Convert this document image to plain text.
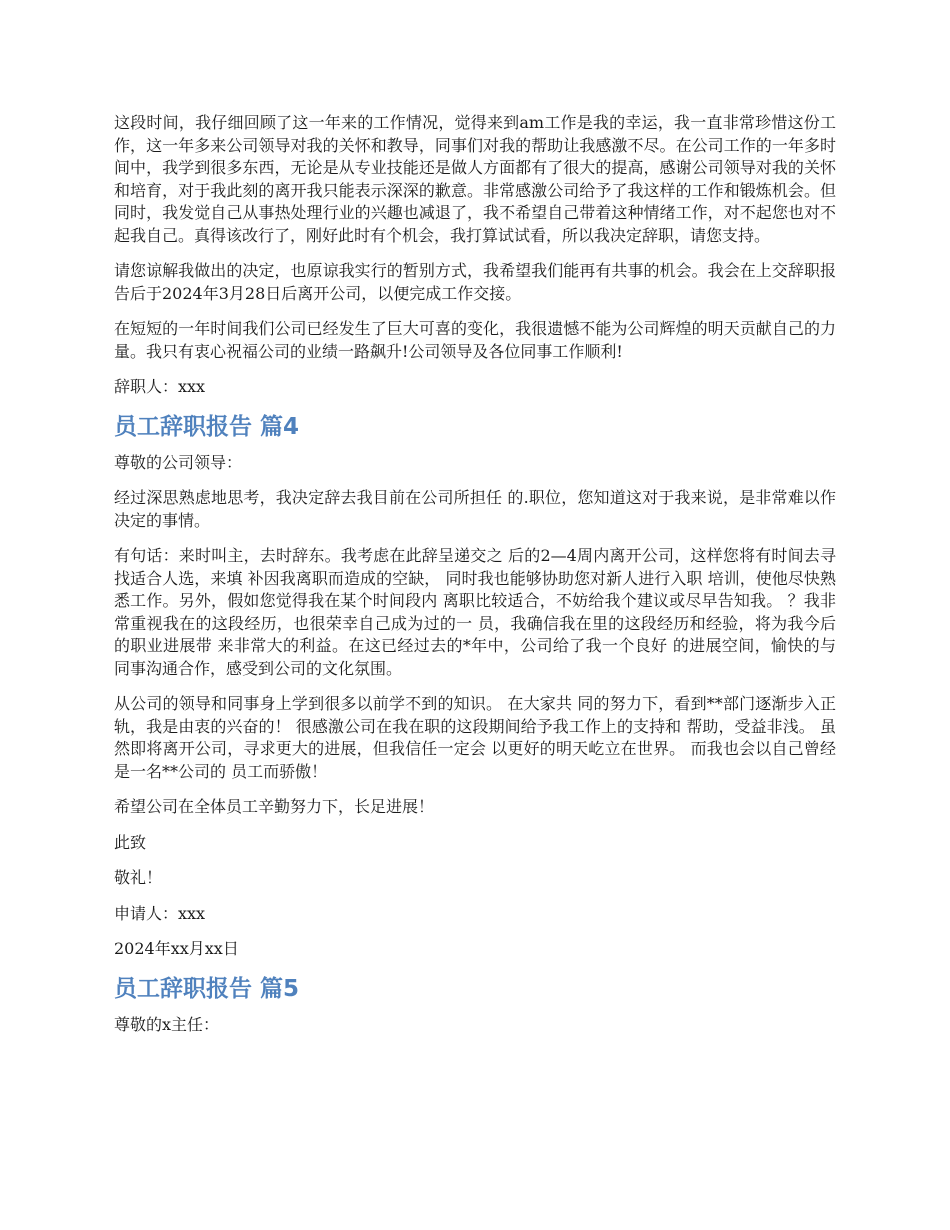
这段时间，我仔细回顾了这一年来的工作情况，觉得来到am工作是我的幸运，我一直非常珍惜这份工作，这一年多来公司领导对我的关怀和教导，同事们对我的帮助让我感激不尽。在公司工作的一年多时间中，我学到很多东西，无论是从专业技能还是做人方面都有了很大的提高，感谢公司领导对我的关怀和培育，对于我此刻的离开我只能表示深深的歉意。非常感激公司给予了我这样的工作和锻炼机会。但同时，我发觉自己从事热处理行业的兴趣也减退了，我不希望自己带着这种情绪工作，对不起您也对不起我自己。真得该改行了，刚好此时有个机会，我打算试试看，所以我决定辞职，请您支持。

请您谅解我做出的决定，也原谅我实行的暂别方式，我希望我们能再有共事的机会。我会在上交辞职报告后于2024年3月28日后离开公司，以便完成工作交接。

在短短的一年时间我们公司已经发生了巨大可喜的变化，我很遗憾不能为公司辉煌的明天贡献自己的力量。我只有衷心祝福公司的业绩一路飙升!公司领导及各位同事工作顺利!

辞职人：xxx

员工辞职报告 篇4

尊敬的公司领导：

经过深思熟虑地思考，我决定辞去我目前在公司所担任 的.职位，您知道这对于我来说，是非常难以作决定的事情。

有句话：来时叫主，去时辞东。我考虑在此辞呈递交之 后的2—4周内离开公司，这样您将有时间去寻找适合人选，来填 补因我离职而造成的空缺， 同时我也能够协助您对新人进行入职 培训，使他尽快熟悉工作。另外，假如您觉得我在某个时间段内 离职比较适合，不妨给我个建议或尽早告知我。 ？我非常重视我在的这段经历，也很荣幸自己成为过的一 员，我确信我在里的这段经历和经验，将为我今后的职业进展带 来非常大的利益。在这已经过去的*年中，公司给了我一个良好 的进展空间，愉快的与同事沟通合作，感受到公司的文化氛围。

从公司的领导和同事身上学到很多以前学不到的知识。 在大家共 同的努力下，看到**部门逐渐步入正轨，我是由衷的兴奋的！ 很感激公司在我在职的这段期间给予我工作上的支持和 帮助，受益非浅。 虽然即将离开公司，寻求更大的进展，但我信任一定会 以更好的明天屹立在世界。 而我也会以自己曾经是一名**公司的 员工而骄傲！

希望公司在全体员工辛勤努力下，长足进展！

此致

敬礼！

申请人：xxx

2024年xx月xx日

员工辞职报告 篇5

尊敬的x主任：
